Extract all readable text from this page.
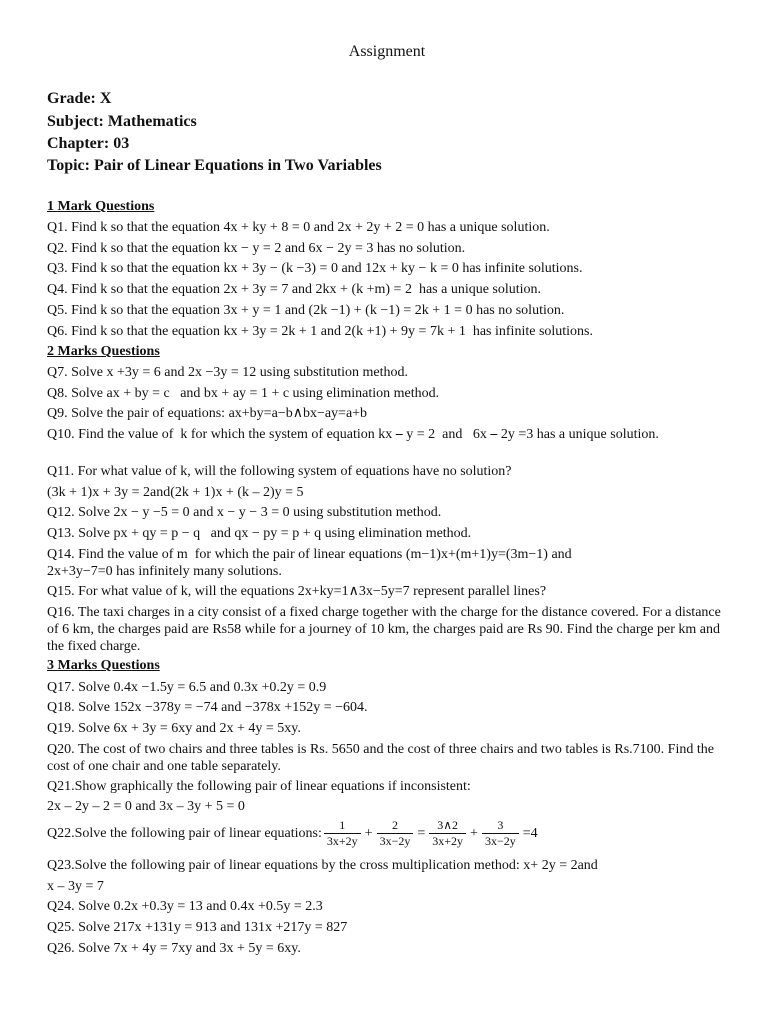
Assignment
Grade: X
Subject: Mathematics
Chapter: 03
Topic: Pair of Linear Equations in Two Variables
1 Mark Questions
Q1. Find k so that the equation 4x + ky + 8 = 0 and 2x + 2y + 2 = 0 has a unique solution.
Q2. Find k so that the equation kx − y = 2 and 6x − 2y = 3 has no solution.
Q3. Find k so that the equation kx + 3y − (k −3) = 0 and 12x + ky − k = 0 has infinite solutions.
Q4. Find k so that the equation 2x + 3y = 7 and 2kx + (k +m) = 2  has a unique solution.
Q5. Find k so that the equation 3x + y = 1 and (2k −1) + (k −1) = 2k + 1 = 0 has no solution.
Q6. Find k so that the equation kx + 3y = 2k + 1 and 2(k +1) + 9y = 7k + 1  has infinite solutions.
2 Marks Questions
Q7. Solve x +3y = 6 and 2x −3y = 12 using substitution method.
Q8. Solve ax + by = c   and bx + ay = 1 + c using elimination method.
Q9. Solve the pair of equations: ax+by=a−b∧bx−ay=a+b
Q10. Find the value of  k for which the system of equation kx ⎯ y = 2  and   6x ⎯ 2y =3 has a unique solution.
Q11. For what value of k, will the following system of equations have no solution?
(3k + 1)x + 3y = 2and(2k + 1)x + (k – 2)y = 5
Q12. Solve 2x − y −5 = 0 and x − y − 3 = 0 using substitution method.
Q13. Solve px + qy = p − q   and qx − py = p + q using elimination method.
Q14. Find the value of m  for which the pair of linear equations (m−1)x+(m+1)y=(3m−1) and
2x+3y−7=0 has infinitely many solutions.
Q15. For what value of k, will the equations 2x+ky=1∧3x−5y=7 represent parallel lines?
Q16. The taxi charges in a city consist of a fixed charge together with the charge for the distance covered. For a distance of 6 km, the charges paid are Rs58 while for a journey of 10 km, the charges paid are Rs 90. Find the charge per km and the fixed charge.
3 Marks Questions
Q17. Solve 0.4x −1.5y = 6.5 and 0.3x +0.2y = 0.9
Q18. Solve 152x −378y = −74 and −378x +152y = −604.
Q19. Solve 6x + 3y = 6xy and 2x + 4y = 5xy.
Q20. The cost of two chairs and three tables is Rs. 5650 and the cost of three chairs and two tables is Rs.7100. Find the cost of one chair and one table separately.
Q21.Show graphically the following pair of linear equations if inconsistent:
2x – 2y – 2 = 0 and 3x – 3y + 5 = 0
Q22.Solve the following pair of linear equations: $\frac{1}{3x+2y} + \frac{2}{3x-2y} = \frac{3\wedge 2}{3x+2y} + \frac{3}{3x-2y} =4$
Q23.Solve the following pair of linear equations by the cross multiplication method: x+ 2y = 2and
x – 3y = 7
Q24. Solve 0.2x +0.3y = 13 and 0.4x +0.5y = 2.3
Q25. Solve 217x +131y = 913 and 131x +217y = 827
Q26. Solve 7x + 4y = 7xy and 3x + 5y = 6xy.
